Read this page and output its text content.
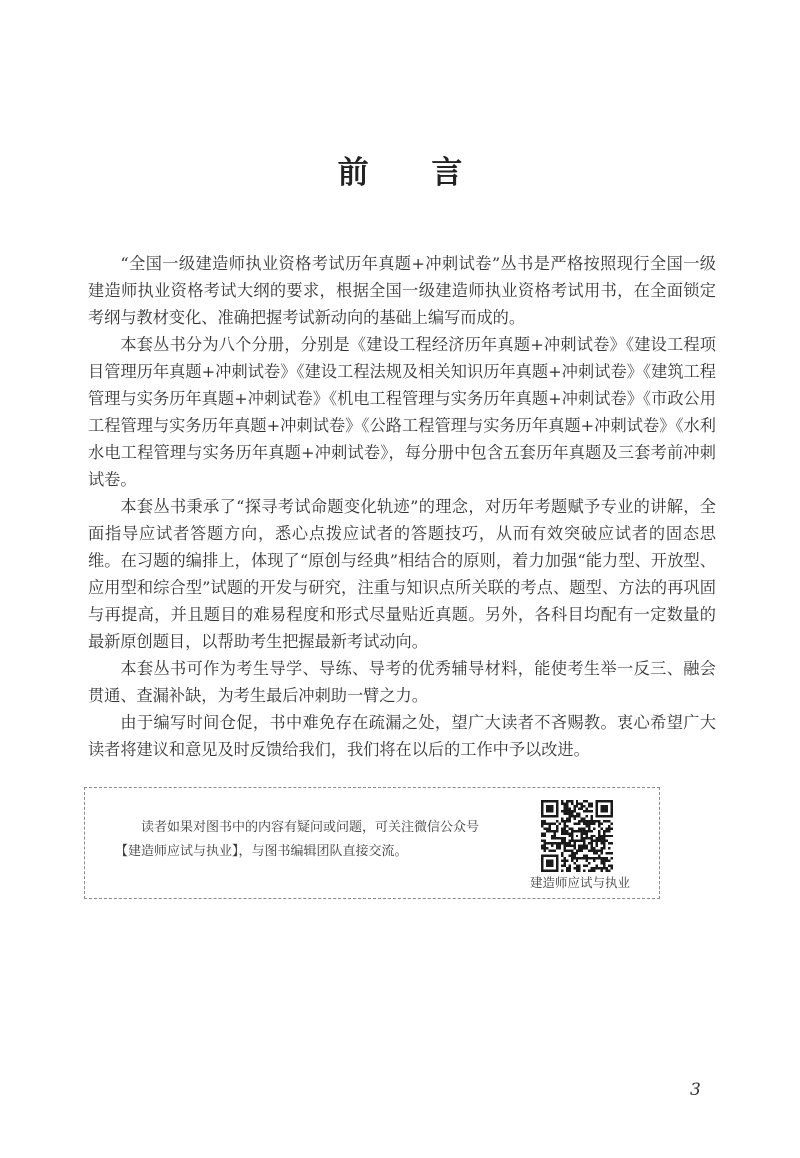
前 言

“全国一级建造师执业资格考试历年真题+冲刺试卷”丛书是严格按照现行全国一级建造师执业资格考试大纲的要求，根据全国一级建造师执业资格考试用书，在全面锁定考纲与教材变化、准确把握考试新动向的基础上编写而成的。

本套丛书分为八个分册，分别是《建设工程经济历年真题+冲刺试卷》《建设工程项目管理历年真题+冲刺试卷》《建设工程法规及相关知识历年真题+冲刺试卷》《建筑工程管理与实务历年真题+冲刺试卷》《机电工程管理与实务历年真题+冲刺试卷》《市政公用工程管理与实务历年真题+冲刺试卷》《公路工程管理与实务历年真题+冲刺试卷》《水利水电工程管理与实务历年真题+冲刺试卷》，每分册中包含五套历年真题及三套考前冲刺试卷。

本套丛书秉承了“探寻考试命题变化轨迹”的理念，对历年考题赋予专业的讲解，全面指导应试者答题方向，悉心点拨应试者的答题技巧，从而有效突破应试者的固态思维。在习题的编排上，体现了“原创与经典”相结合的原则，着力加强“能力型、开放型、应用型和综合型”试题的开发与研究，注重与知识点所关联的考点、题型、方法的再巩固与再提高，并且题目的难易程度和形式尽量贴近真题。另外，各科目均配有一定数量的最新原创题目，以帮助考生把握最新考试动向。

本套丛书可作为考生导学、导练、导考的优秀辅导材料，能使考生举一反三、融会贯通、查漏补缺，为考生最后冲刺助一臂之力。

由于编写时间仓促，书中难免存在疏漏之处，望广大读者不吝赐教。衷心希望广大读者将建议和意见及时反馈给我们，我们将在以后的工作中予以改进。

读者如果对图书中的内容有疑问或问题，可关注微信公众号
【建造师应试与执业】，与图书编辑团队直接交流。
建造师应试与执业
3
